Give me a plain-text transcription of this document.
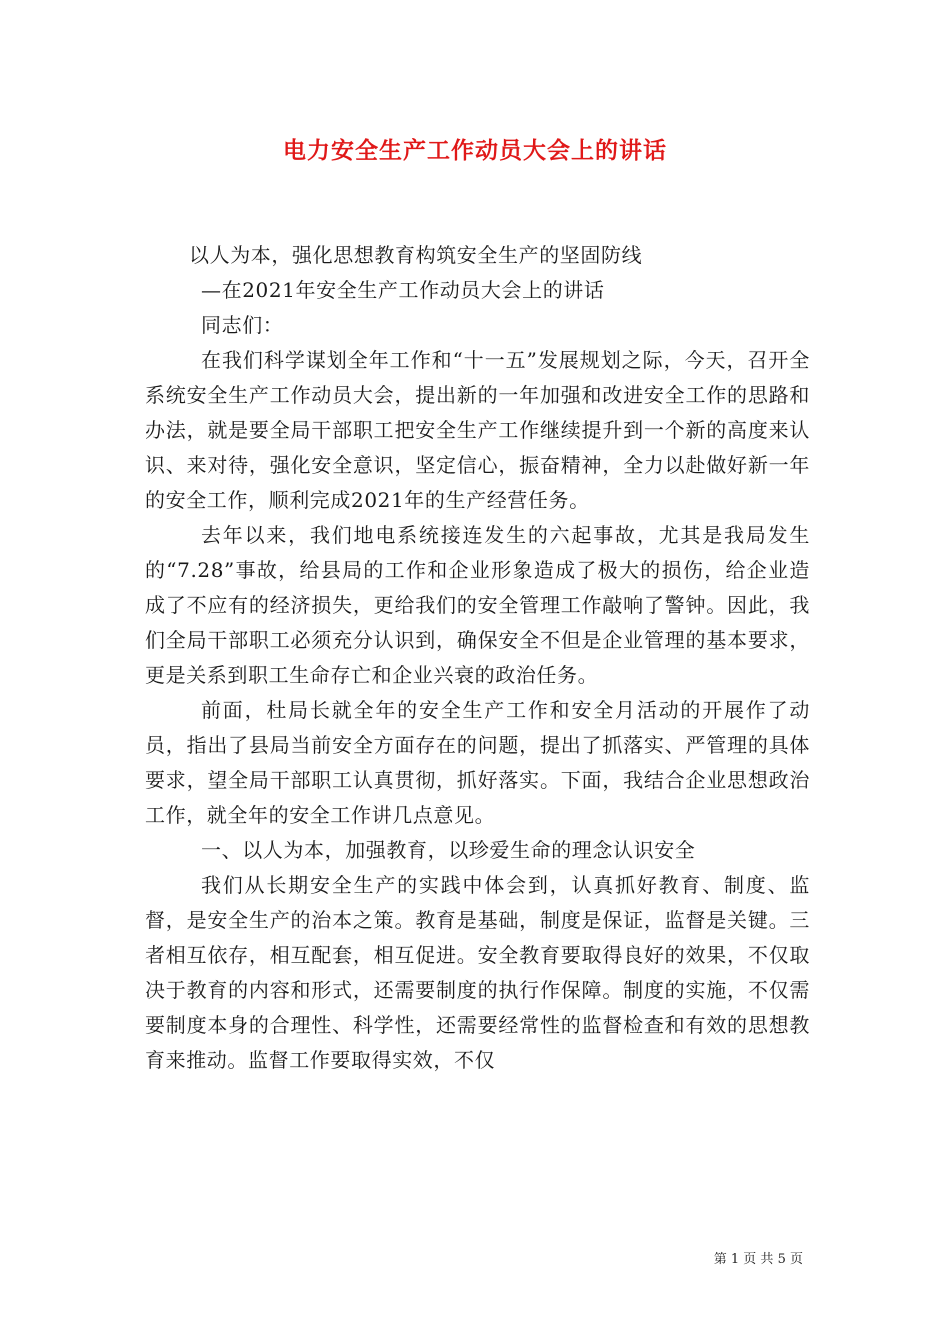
电力安全生产工作动员大会上的讲话

以人为本，强化思想教育构筑安全生产的坚固防线

—在2021年安全生产工作动员大会上的讲话

同志们：

在我们科学谋划全年工作和“十一五”发展规划之际，今天，召开全系统安全生产工作动员大会，提出新的一年加强和改进安全工作的思路和办法，就是要全局干部职工把安全生产工作继续提升到一个新的高度来认识、来对待，强化安全意识，坚定信心，振奋精神，全力以赴做好新一年的安全工作，顺利完成2021年的生产经营任务。

去年以来，我们地电系统接连发生的六起事故，尤其是我局发生的“7.28”事故，给县局的工作和企业形象造成了极大的损伤，给企业造成了不应有的经济损失，更给我们的安全管理工作敲响了警钟。因此，我们全局干部职工必须充分认识到，确保安全不但是企业管理的基本要求，更是关系到职工生命存亡和企业兴衰的政治任务。

前面，杜局长就全年的安全生产工作和安全月活动的开展作了动员，指出了县局当前安全方面存在的问题，提出了抓落实、严管理的具体要求，望全局干部职工认真贯彻，抓好落实。下面，我结合企业思想政治工作，就全年的安全工作讲几点意见。

一、以人为本，加强教育，以珍爱生命的理念认识安全

我们从长期安全生产的实践中体会到，认真抓好教育、制度、监督，是安全生产的治本之策。教育是基础，制度是保证，监督是关键。三者相互依存，相互配套，相互促进。安全教育要取得良好的效果，不仅取决于教育的内容和形式，还需要制度的执行作保障。制度的实施，不仅需要制度本身的合理性、科学性，还需要经常性的监督检查和有效的思想教育来推动。监督工作要取得实效，不仅

第 1 页 共 5 页
